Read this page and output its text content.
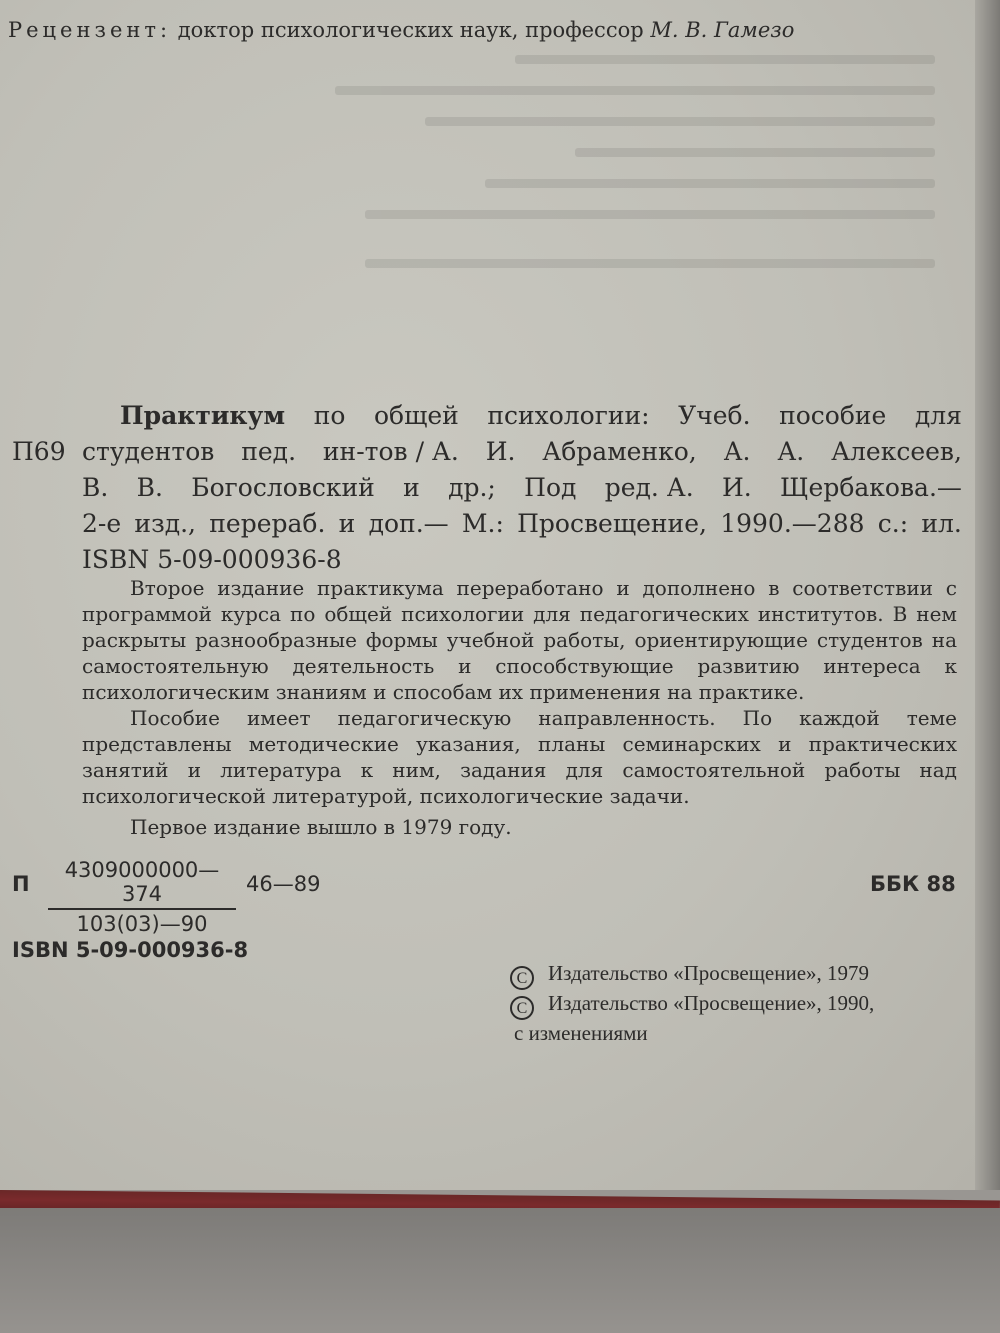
Рецензент: доктор психологических наук, профессор М. В. Гамезо
П69
Практикум по общей психологии: Учеб. пособие для
студентов пед. ин-тов / А. И. Абраменко, А. А. Алексеев,
В. В. Богословский и др.; Под ред. А. И. Щербакова.—
2-е изд., перераб. и доп.— М.: Просвещение, 1990.—288 с.: ил.
ISBN 5-09-000936-8

Второе издание практикума переработано и дополнено в соответствии с программой курса по общей психологии для педагогических институтов. В нем раскрыты разнообразные формы учебной работы, ориентирующие студентов на самостоятельную деятельность и способствующие развитию интереса к психологическим знаниям и способам их применения на практике.

Пособие имеет педагогическую направленность. По каждой теме представлены методические указания, планы семинарских и практических занятий и литература к ним, задания для самостоятельной работы над психологической литературой, психологические задачи.

Первое издание вышло в 1979 году.
П $\frac{4309000000—374}{103(03)—90}$ 46—89	ББК 88
ISBN 5-09-000936-8
C Издательство «Просвещение», 1979
C Издательство «Просвещение», 1990,
с изменениями
